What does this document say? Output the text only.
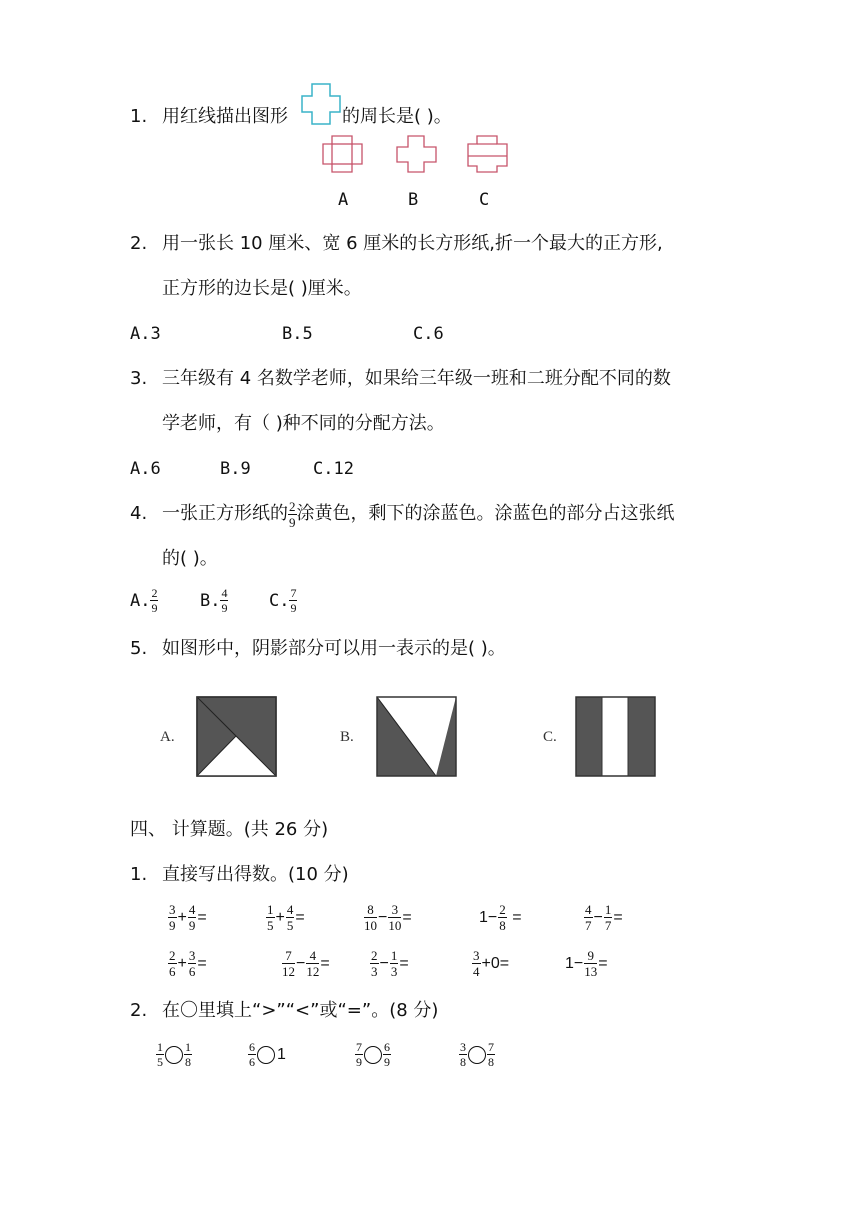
1. 用红线描出图形	的周长是( )。
A	B	C
2. 用一张长 10 厘米、宽 6 厘米的长方形纸,折一个最大的正方形,
正方形的边长是( )厘米。
A.3	B.5	C.6
3. 三年级有 4 名数学老师，如果给三年级一班和二班分配不同的数
学老师，有（ )种不同的分配方法。
A.6	B.9	C.12
4. 一张正方形纸的 $\frac{2}{9}$ 涂黄色，剩下的涂蓝色。涂蓝色的部分占这张纸
的( )。
A. $\frac{2}{9} B$. $\frac{4}{9} C$. $\frac{7}{9}$
5. 如图形中，阴影部分可以用一表示的是( )。
A.	B.	C.
四、 计算题。(共 26 分)
1. 直接写出得数。(10 分)
$\frac{3}{9} + \frac{4}{9}$ =	$\frac{1}{5} + \frac{4}{5}$ =	$\frac{8}{10} - \frac{3}{10}$ =	$1- \frac{2}{8}$ =	$\frac{4}{7} - \frac{1}{7}$ =
$\frac{2}{6} + \frac{3}{6}$ =	$\frac{7}{12} - \frac{4}{12}$ =	$\frac{2}{3} - \frac{1}{3}$ =	$\frac{3}{4} +0=$	$1- \frac{9}{13}$ =
2. 在〇里填上“>”“<”或“=”。(8 分)
$\frac{1}{5} \frac{1}{8}$	$\frac{6}{6} 1$	$\frac{7}{9} \frac{6}{9}$	$\frac{3}{8} \frac{7}{8}$
